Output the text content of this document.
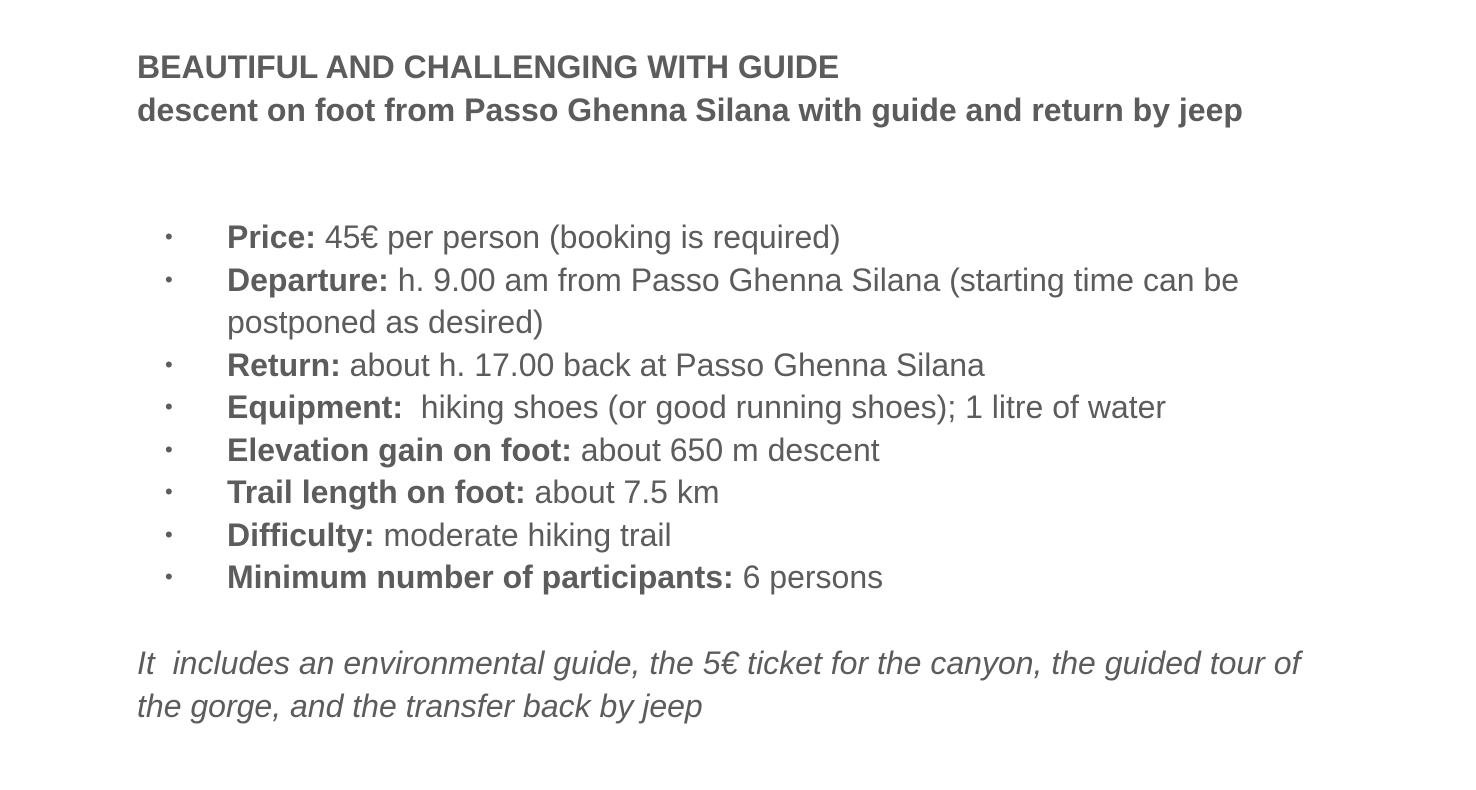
BEAUTIFUL AND CHALLENGING WITH GUIDE
descent on foot from Passo Ghenna Silana with guide and return by jeep
• Price: 45€ per person (booking is required)
• Departure: h. 9.00 am from Passo Ghenna Silana (starting time can be postponed as desired)
• Return: about h. 17.00 back at Passo Ghenna Silana
• Equipment:  hiking shoes (or good running shoes); 1 litre of water
• Elevation gain on foot: about 650 m descent
• Trail length on foot: about 7.5 km
• Difficulty: moderate hiking trail
• Minimum number of participants: 6 persons

It  includes an environmental guide, the 5€ ticket for the canyon, the guided tour of the gorge, and the transfer back by jeep
